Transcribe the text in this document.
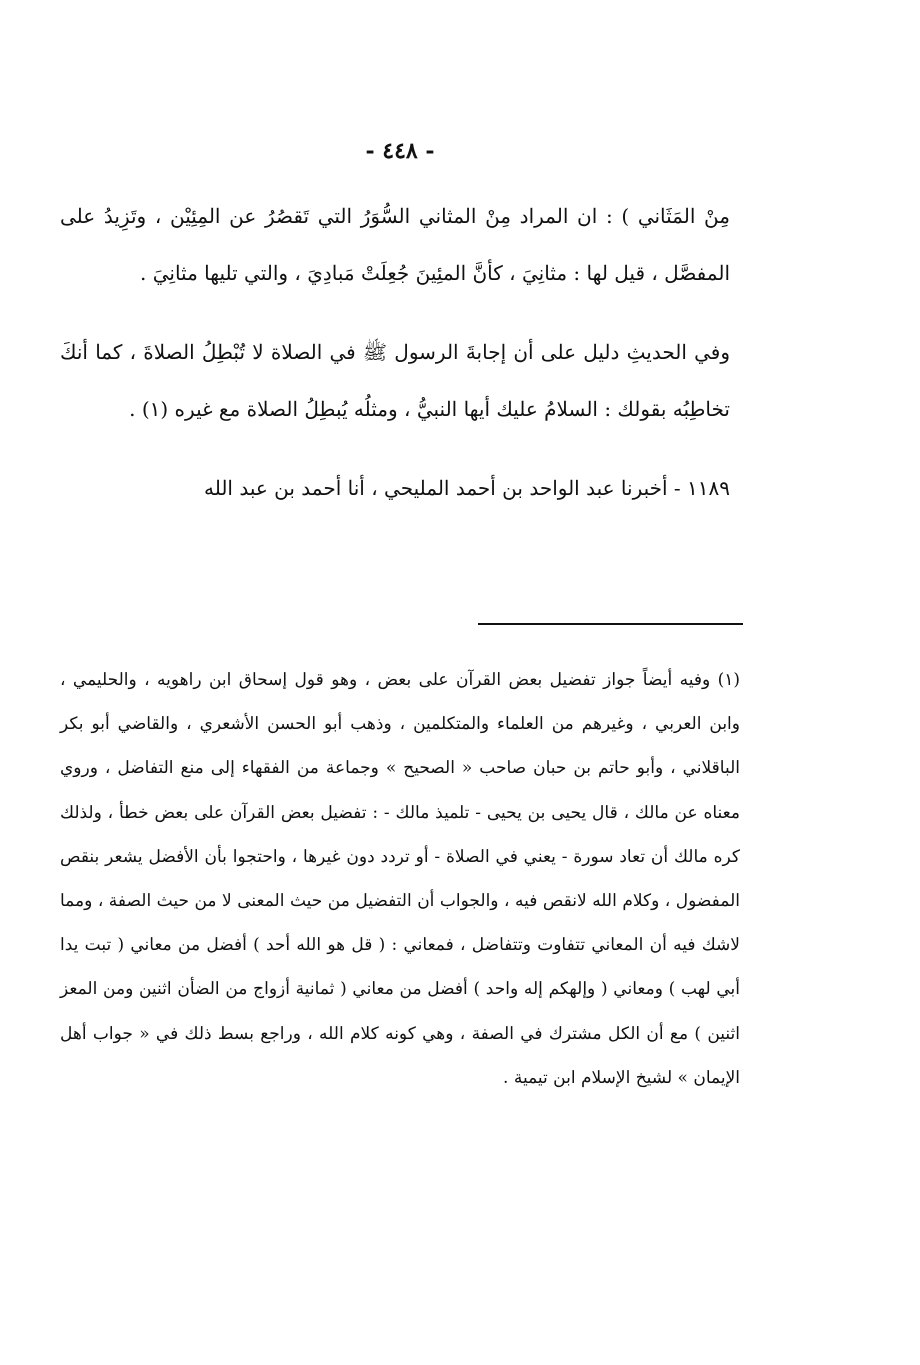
- ٤٤٨ -

مِنْ المَثَاني ) : ان المراد مِنْ المثاني السُّوَرُ التي تَقصُرُ عن المِئِيْن ، وتَزِيدُ على المفصَّل ، قيل لها : مثانِيَ ، كأنَّ المئِينَ جُعِلَتْ مَبادِيَ ، والتي تليها مثانِيَ .

وفي الحديثِ دليل على أن إجابةَ الرسول ﷺ في الصلاة لا تُبْطِلُ الصلاةَ ، كما أنكَ تخاطِبُه بقولك : السلامُ عليك أيها النبيُّ ، ومثلُه يُبطِلُ الصلاة مع غيره (١) .

١١٨٩ - أخبرنا عبد الواحد بن أحمد المليحي ، أنا أحمد بن عبد الله

(١) وفيه أيضاً جواز تفضيل بعض القرآن على بعض ، وهو قول إسحاق ابن راهويه ، والحليمي ، وابن العربي ، وغيرهم من العلماء والمتكلمين ، وذهب أبو الحسن الأشعري ، والقاضي أبو بكر الباقلاني ، وأبو حاتم بن حبان صاحب « الصحيح » وجماعة من الفقهاء إلى منع التفاضل ، وروي معناه عن مالك ، قال يحيى بن يحيى - تلميذ مالك - : تفضيل بعض القرآن على بعض خطأ ، ولذلك كره مالك أن تعاد سورة - يعني في الصلاة - أو تردد دون غيرها ، واحتجوا بأن الأفضل يشعر بنقص المفضول ، وكلام الله لانقص فيه ، والجواب أن التفضيل من حيث المعنى لا من حيث الصفة ، ومما لاشك فيه أن المعاني تتفاوت وتتفاضل ، فمعاني : ( قل هو الله أحد ) أفضل من معاني ( تبت يدا أبي لهب ) ومعاني ( وإلهكم إله واحد ) أفضل من معاني ( ثمانية أزواج من الضأن اثنين ومن المعز اثنين ) مع أن الكل مشترك في الصفة ، وهي كونه كلام الله ، وراجع بسط ذلك في « جواب أهل الإيمان » لشيخ الإسلام ابن تيمية .
